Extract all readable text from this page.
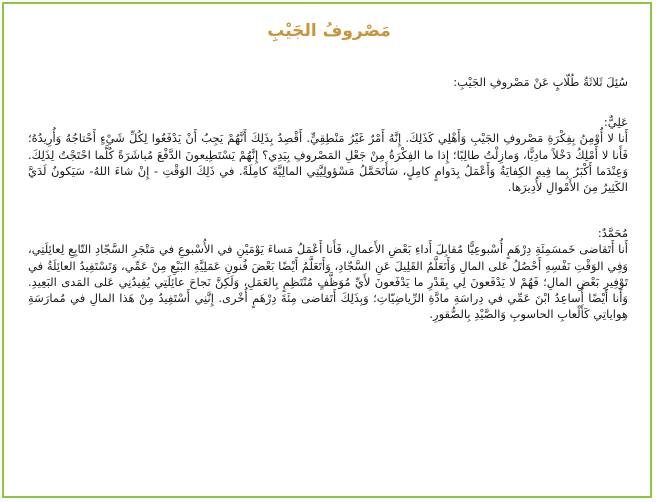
مَصْروفُ الجَيْبِ

سُئِلَ ثَلاثَةُ طُلّابٍ عَنْ مَصْروفِ الجَيْبِ:

عَلِيٌّ:

أَنا لا أُوْمِنُ بِفِكْرَةِ مَصْروفِ الجَيْبِ وَأَهْلِي كَذَلِكَ. إِنَّهُ أَمْرٌ غَيْرُ مَنْطِقِيٍّ. أَقْصِدُ بِذَلِكَ أَنَّهُمْ يَجِبُ أَنْ يَدْفَعُوا لِكُلِّ شَيْءٍ أَحْتاجُهُ وَأُرِيدُهُ؛ فَأَنا لا أَمْلِكُ دَخْلاً مادِيًّا، وَمازِلْتُ طالِبًا؛ إِذا ما الفِكْرَةُ مِنْ جَعْلِ المَصْروفِ بِيَدِي؟ إِنَّهُمْ يَسْتَطِيعونَ الدَّفْعَ مُباشَرَةً كُلَّما احْتَجْتُ لِذَلِكَ. وَعِنْدَما أَكْبَرُ بِما فِيهِ الكِفايَةُ وَأَعْمَلُ بِدَوامٍ كامِلٍ، سَأَتَحَمَّلُ مَسْؤولِيَّتِي المالِيَّةَ كامِلَةً. في ذَلِكَ الوَقْتِ - إِنْ شاءَ اللهُ- سَيَكونُ لَدَيَّ الكَثِيرُ مِنَ الأَمْوالِ لأُدِيرَها.

مُحَمَّدٌ:

أَنا أَتَقاضى خَمسَمِئَةِ دِرْهَمٍ أُسْبوعِيًّا مُقابِلَ أَداءِ بَعْضِ الأَعمالِ، فَأَنا أَعْمَلُ مَساءَ يَوْمَيْنِ في الأُسْبوعِ في مَتْجَرِ السَّجّادِ التّابِعِ لِعائِلَتِي، وَفِي الوَقْتِ نَفْسِهِ أَحْصُلُ عَلى المالِ وَأَتَعَلَّمُ القَلِيلَ عَنِ السَّجّادِ، وَأَتَعَلَّمُ أَيْضًا بَعْضَ فُنونِ عَمَلِيَّةِ البَيْعِ مِنْ عَمِّي، وَتَسْتَفِيدُ العائِلَةُ في تَوْفِيرِ بَعْضِ المالِ؛ فَهُمْ لا يَدْفَعونَ لِي بِقَدْرِ ما يَدْفَعونَ لأَيِّ مُوَظَّفٍ مُنْتَظِمٍ بِالعَمَلِ، وَلَكِنَّ نَجاحَ عائِلَتِي يُفِيدُنِي عَلى المَدى البَعِيدِ. وَأَنا أَيْضًا أُساعِدُ ابْنَ عَمِّي في دِراسَةِ مادَّةِ الرِّياضِيّاتِ؛ وَبِذَلِكَ أَتَقاضى مِئَةَ دِرْهَمٍ أُخْرى. إِنَّنِي أَسْتَفِيدُ مِنْ هَذا المالِ في مُمارَسَةِ هِواياتِي كَأَلْعابِ الحاسوبِ وَالصَّيْدِ بِالصُّقورِ.
